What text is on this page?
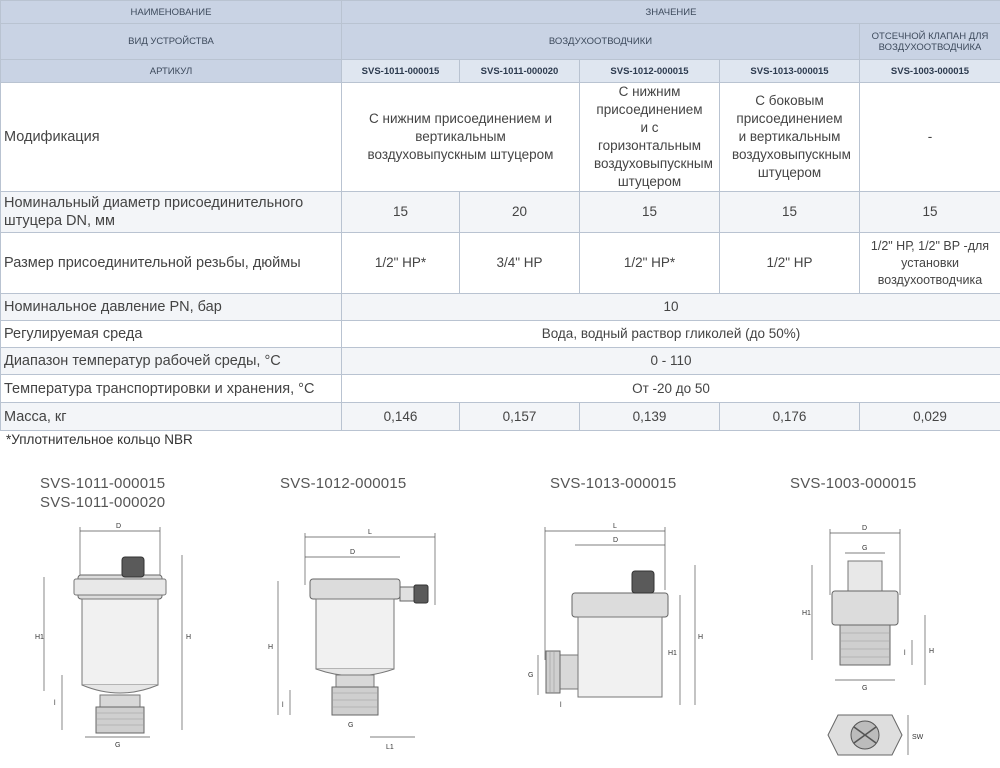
НАИМЕНОВАНИЕ	ЗНАЧЕНИЕ				
ВИД УСТРОЙСТВА	ВОЗДУХООТВОДЧИКИ				ОТСЕЧНОЙ КЛАПАН ДЛЯ ВОЗДУХООТВОДЧИКА
АРТИКУЛ	SVS-1011-000015	SVS-1011-000020	SVS-1012-000015	SVS-1013-000015	SVS-1003-000015
Модификация	С нижним присоединением и вертикальным воздуховыпускным штуцером		С нижним присоединением и с горизонтальным воздуховыпускным штуцером	С боковым присоединением и вертикальным воздуховыпускным штуцером	-
Номинальный диаметр присоединительного штуцера DN, мм	15	20	15	15	15
Размер присоединительной резьбы, дюймы	1/2" НР*	3/4" НР	1/2" НР*	1/2" НР	1/2" НР, 1/2" ВР -для установки воздухоотводчика
Номинальное давление PN, бар	10				
Регулируемая среда	Вода, водный раствор гликолей (до 50%)				
Диапазон температур рабочей среды, °С	0 - 110				
Температура транспортировки и хранения, °С	От -20 до 50				
Масса, кг	0,146	0,157	0,139	0,176	0,029
*Уплотнительное кольцо NBR
SVS-1011-000015
SVS-1011-000020
SVS-1012-000015	SVS-1013-000015	SVS-1003-000015
D
H1	H
l
G
L
D
H
l
G
L1
L
D
H1
H
G
l
D
G
H1
H
l
G
SW
